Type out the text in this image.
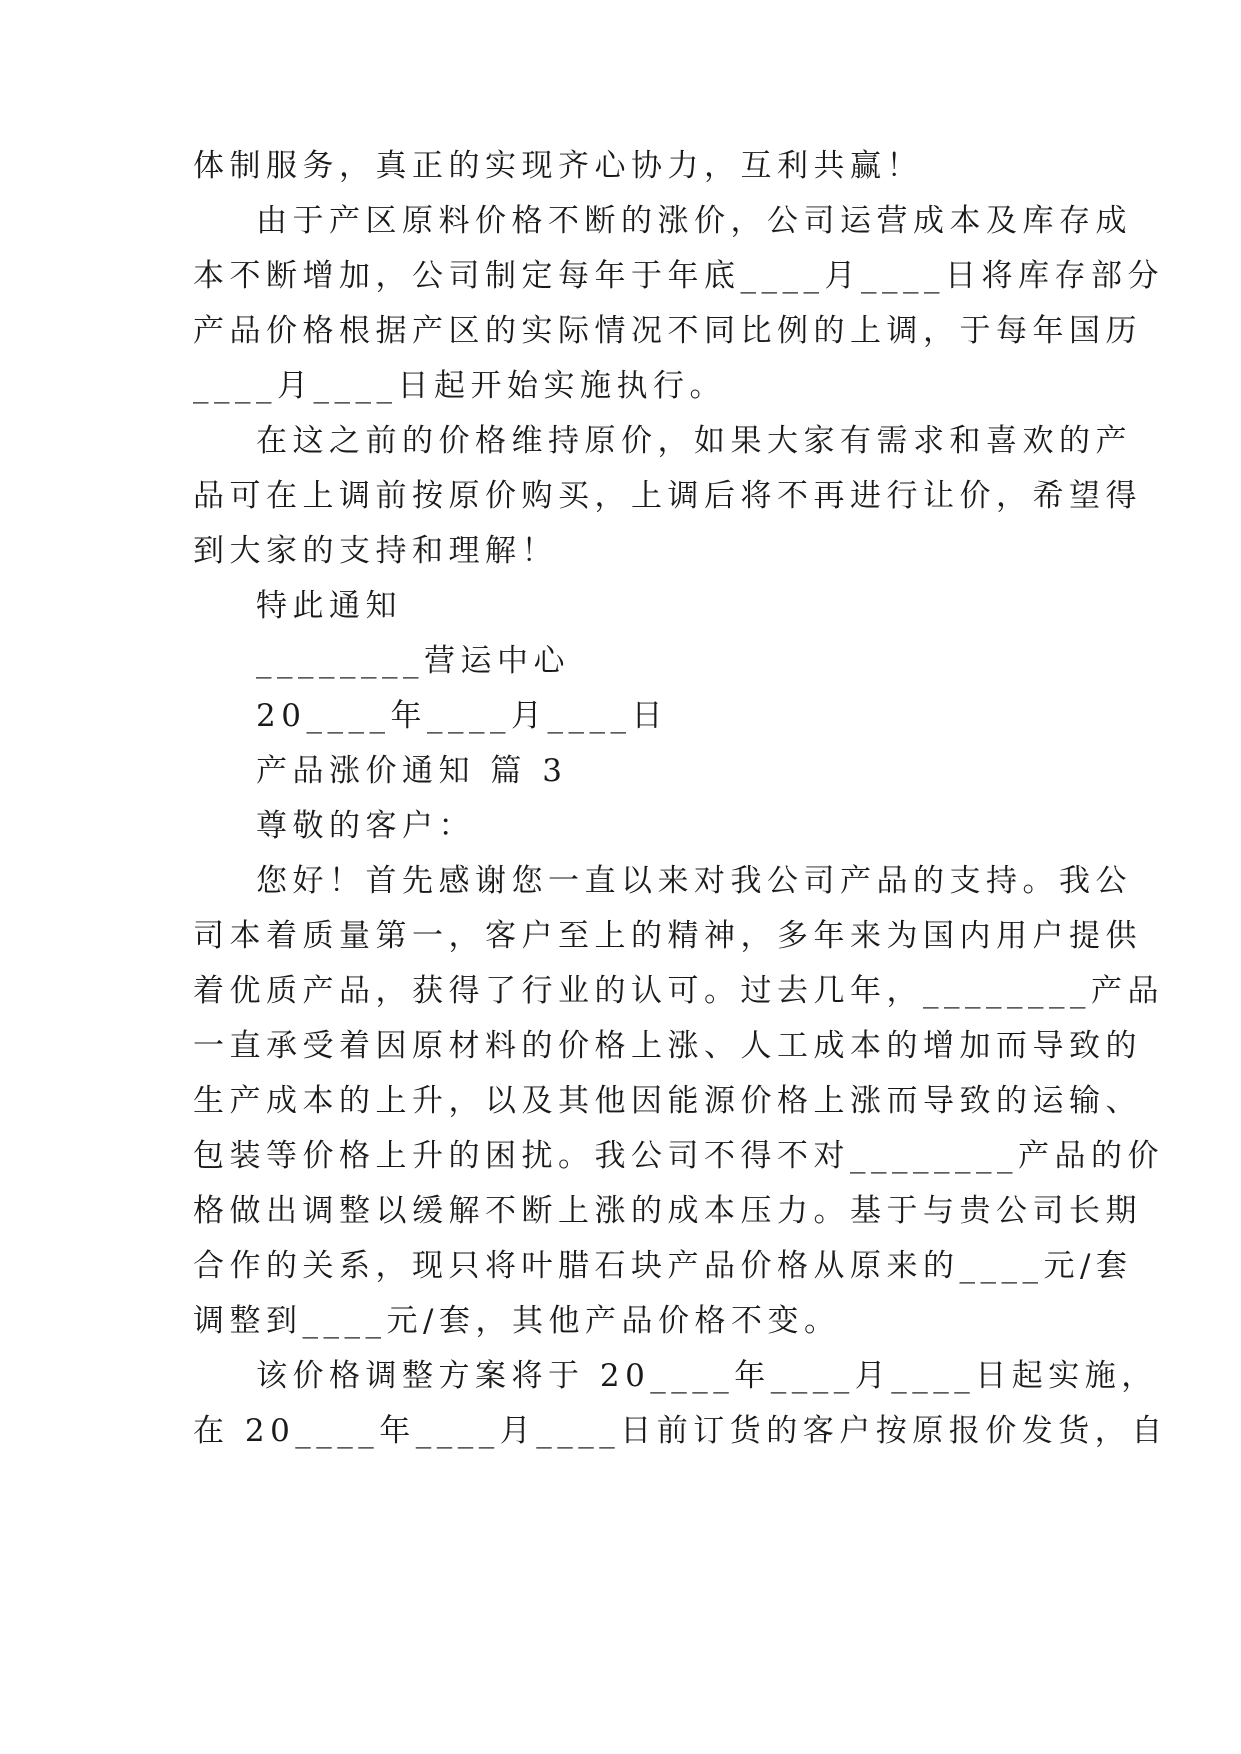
体制服务，真正的实现齐心协力，互利共赢！
由于产区原料价格不断的涨价，公司运营成本及库存成
本不断增加，公司制定每年于年底____月____日将库存部分
产品价格根据产区的实际情况不同比例的上调，于每年国历
____月____日起开始实施执行。
在这之前的价格维持原价，如果大家有需求和喜欢的产
品可在上调前按原价购买，上调后将不再进行让价，希望得
到大家的支持和理解！
特此通知
________营运中心
20____年____月____日
产品涨价通知 篇 3
尊敬的客户：
您好！首先感谢您一直以来对我公司产品的支持。我公
司本着质量第一，客户至上的精神，多年来为国内用户提供
着优质产品，获得了行业的认可。过去几年，________产品
一直承受着因原材料的价格上涨、人工成本的增加而导致的
生产成本的上升，以及其他因能源价格上涨而导致的运输、
包装等价格上升的困扰。我公司不得不对________产品的价
格做出调整以缓解不断上涨的成本压力。基于与贵公司长期
合作的关系，现只将叶腊石块产品价格从原来的____元/套
调整到____元/套，其他产品价格不变。
该价格调整方案将于 20____年____月____日起实施，
在 20____年____月____日前订货的客户按原报价发货，自
